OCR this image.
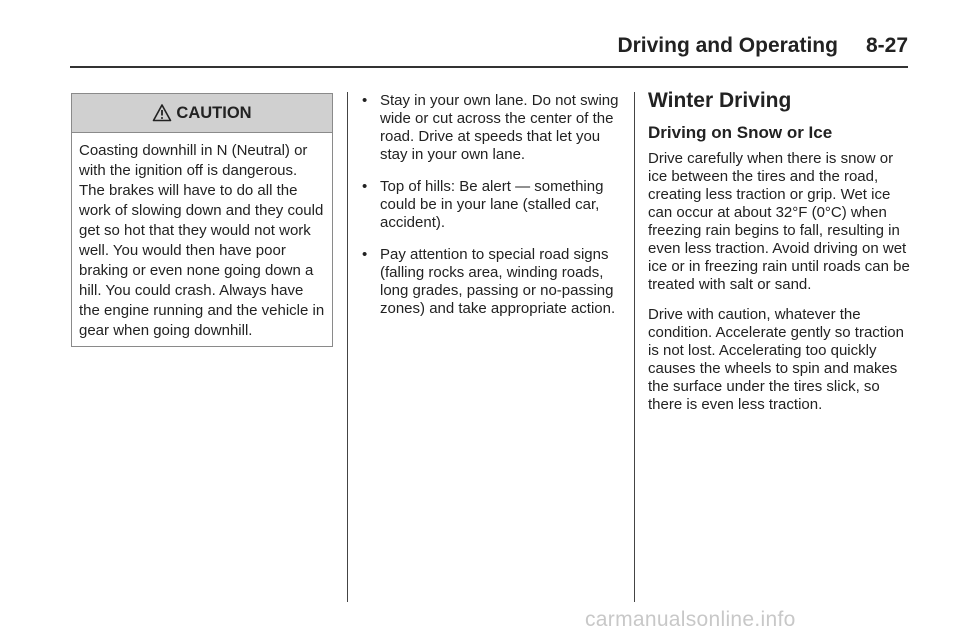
Driving and Operating 8-27
CAUTION
Coasting downhill in N (Neutral) or with the ignition off is dangerous. The brakes will have to do all the work of slowing down and they could get so hot that they would not work well. You would then have poor braking or even none going down a hill. You could crash. Always have the engine running and the vehicle in gear when going downhill.
• Stay in your own lane. Do not swing wide or cut across the center of the road. Drive at speeds that let you stay in your own lane.
• Top of hills: Be alert — something could be in your lane (stalled car, accident).
• Pay attention to special road signs (falling rocks area, winding roads, long grades, passing or no-passing zones) and take appropriate action.
Winter Driving
Driving on Snow or Ice

Drive carefully when there is snow or ice between the tires and the road, creating less traction or grip. Wet ice can occur at about 32°F (0°C) when freezing rain begins to fall, resulting in even less traction. Avoid driving on wet ice or in freezing rain until roads can be treated with salt or sand.

Drive with caution, whatever the condition. Accelerate gently so traction is not lost. Accelerating too quickly causes the wheels to spin and makes the surface under the tires slick, so there is even less traction.

carmanualsonline.info
